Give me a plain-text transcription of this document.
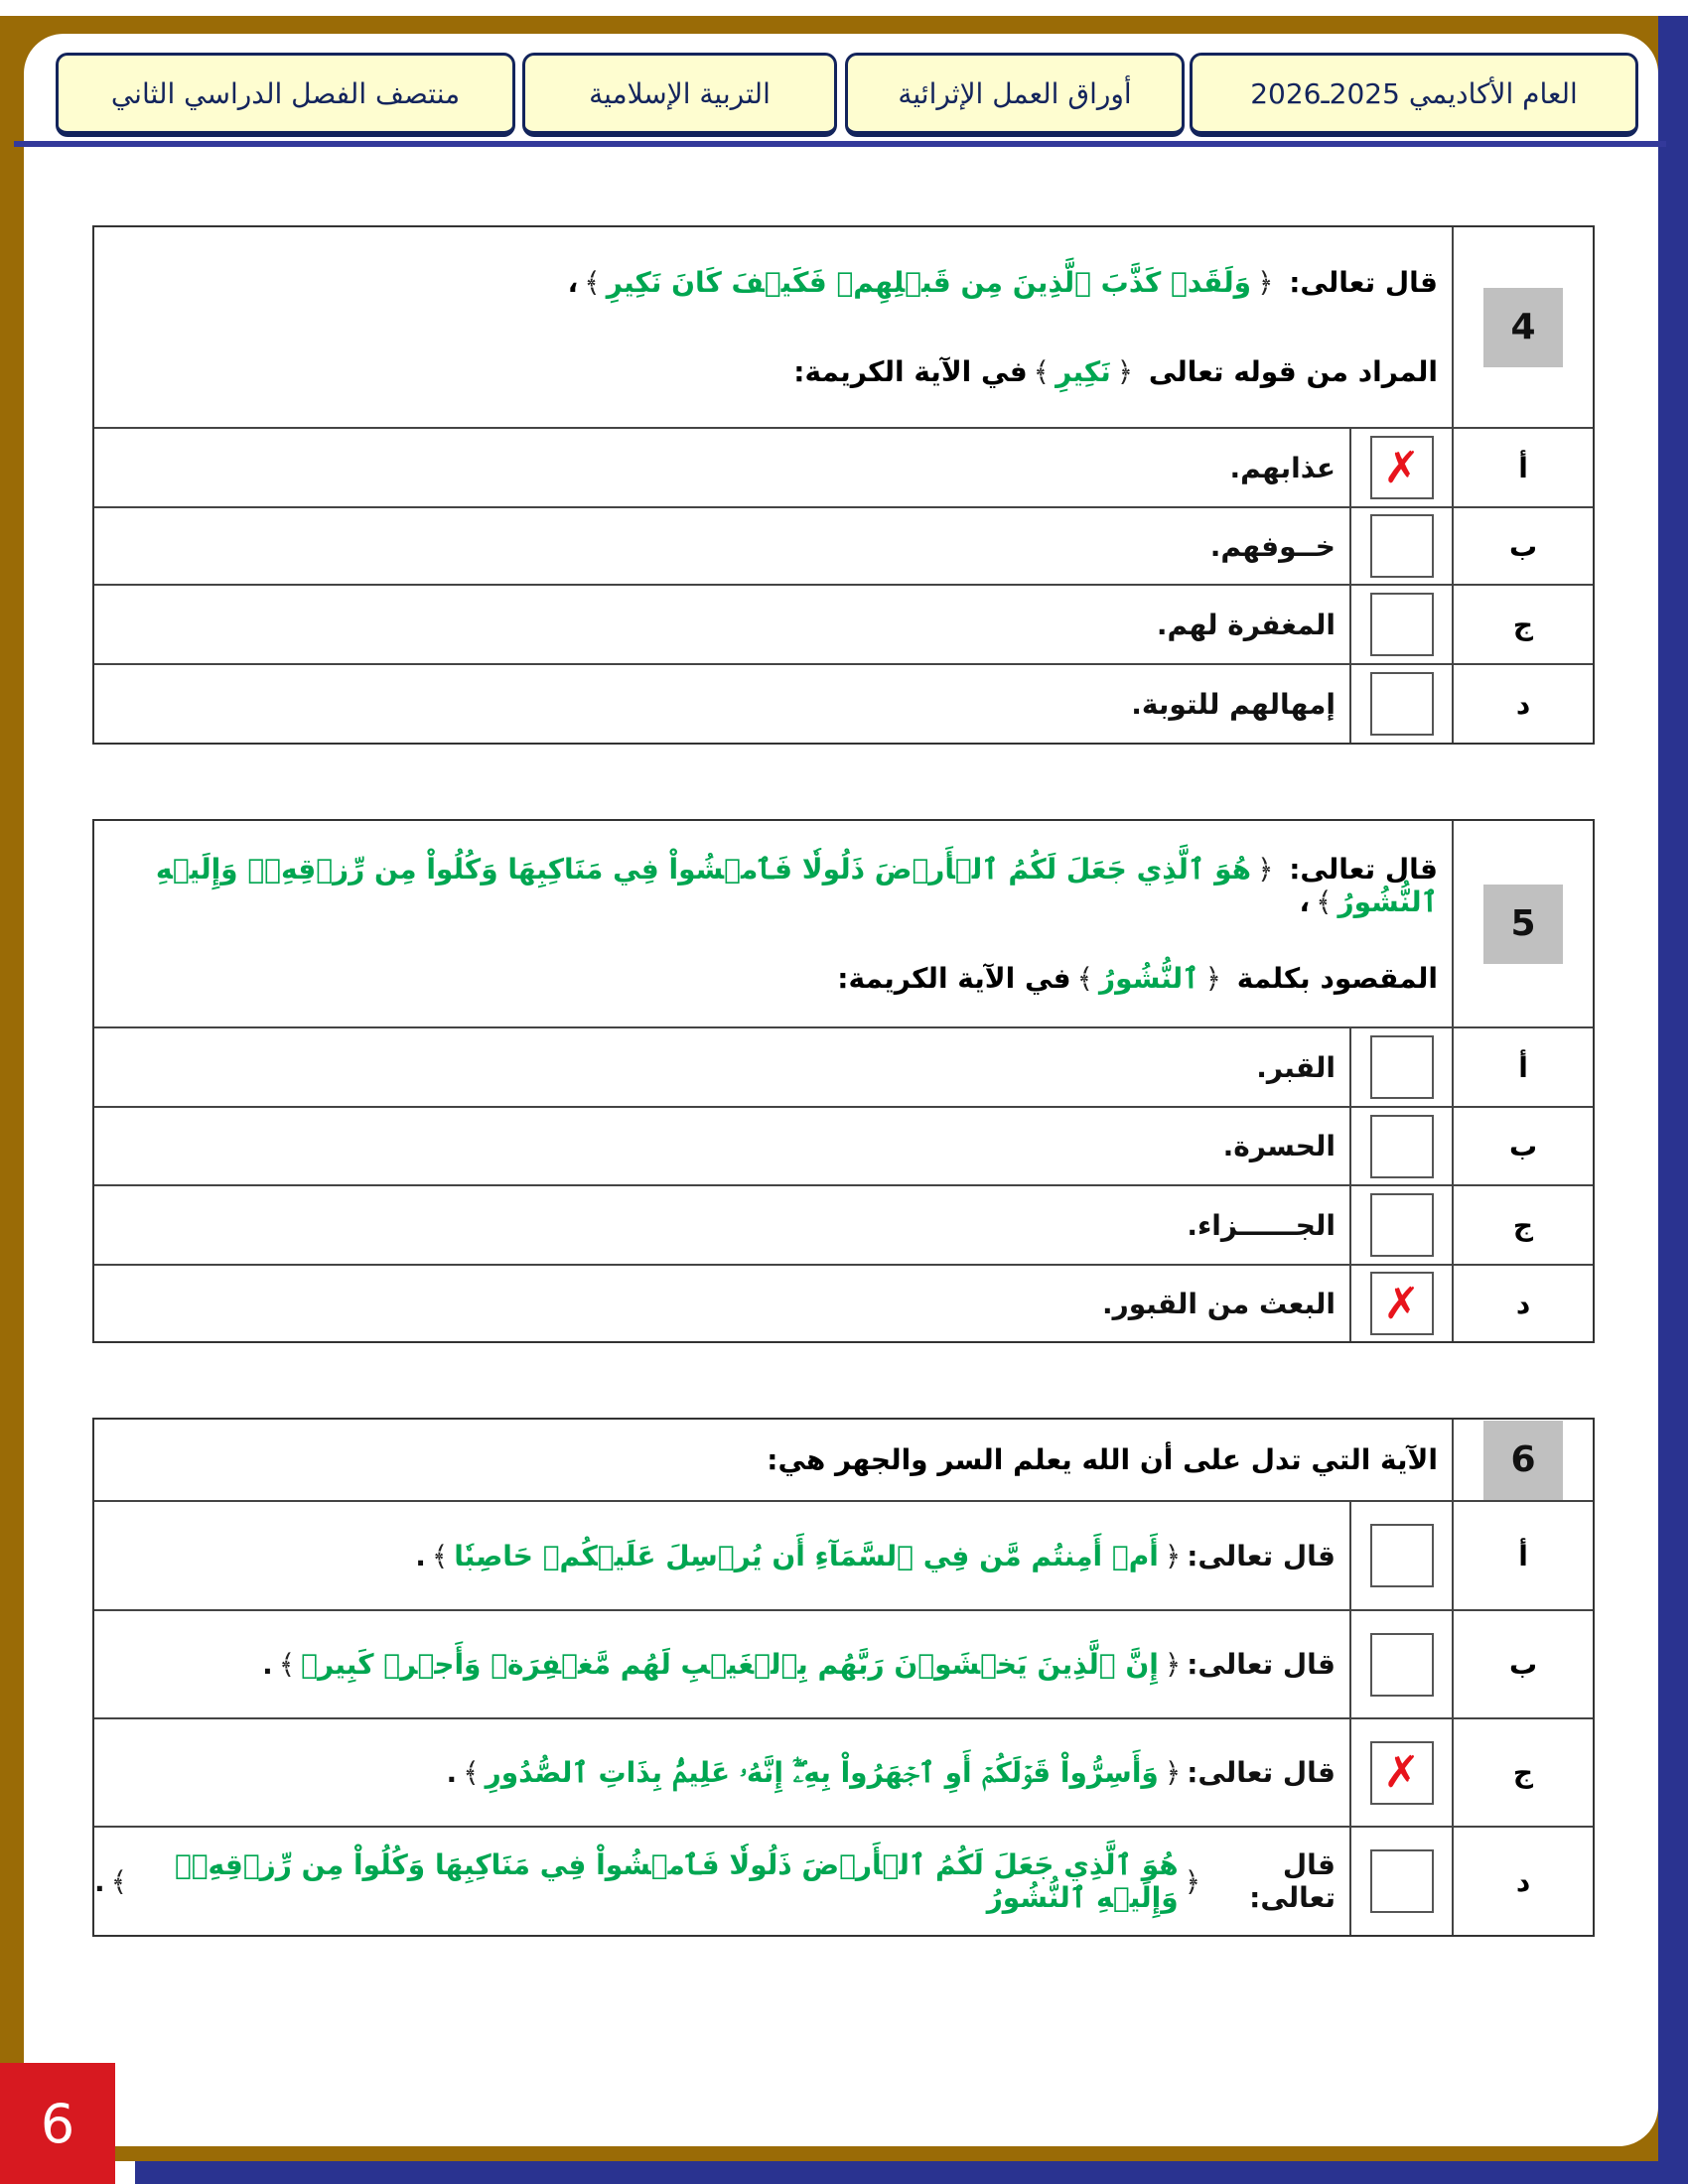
العام الأكاديمي 2025ـ2026
أوراق العمل الإثرائية
التربية الإسلامية
منتصف الفصل الدراسي الثاني
4
قال تعالى: ﴿وَلَقَدۡ كَذَّبَ ٱلَّذِينَ مِن قَبۡلِهِمۡ فَكَيۡفَ كَانَ نَكِيرِ﴾،
المراد من قوله تعالى ﴿نَكِيرِ﴾في الآية الكريمة:
أ
✗
عذابهم.
ب
خــوفهم.
ج
المغفرة لهم.
د
إمهالهم للتوبة.
5
قال تعالى: ﴿هُوَ ٱلَّذِي جَعَلَ لَكُمُ ٱلۡأَرۡضَ ذَلُولٗا فَٱمۡشُواْ فِي مَنَاكِبِهَا وَكُلُواْ مِن رِّزۡقِهِۦۖ وَإِلَيۡهِ ٱلنُّشُورُ﴾،
المقصود بكلمة ﴿ٱلنُّشُورُ﴾في الآية الكريمة:
أ
القبر.
ب
الحسرة.
ج
الجــــــزاء.
د
✗
البعث من القبور.
6
الآية التي تدل على أن الله يعلم السر والجهر هي:
أ
قال تعالى:
﴿
أَمۡ أَمِنتُم مَّن فِي ٱلسَّمَآءِ أَن يُرۡسِلَ عَلَيۡكُمۡ حَاصِبٗا
﴾
.
ب
قال تعالى:
﴿
إِنَّ ٱلَّذِينَ يَخۡشَوۡنَ رَبَّهُم بِٱلۡغَيۡبِ لَهُم مَّغۡفِرَةٞ وَأَجۡرٞ كَبِيرٞ
﴾
.
ج
✗
قال تعالى:
﴿
وَأَسِرُّواْ قَوۡلَكُمۡ أَوِ ٱجۡهَرُواْ بِهِۦٓۖ إِنَّهُۥ عَلِيمُۢ بِذَاتِ ٱلصُّدُورِ
﴾
.
د
قال تعالى:
﴿
هُوَ ٱلَّذِي جَعَلَ لَكُمُ ٱلۡأَرۡضَ ذَلُولٗا فَٱمۡشُواْ فِي مَنَاكِبِهَا وَكُلُواْ مِن رِّزۡقِهِۦۖ وَإِلَيۡهِ ٱلنُّشُورُ
﴾
.
6
